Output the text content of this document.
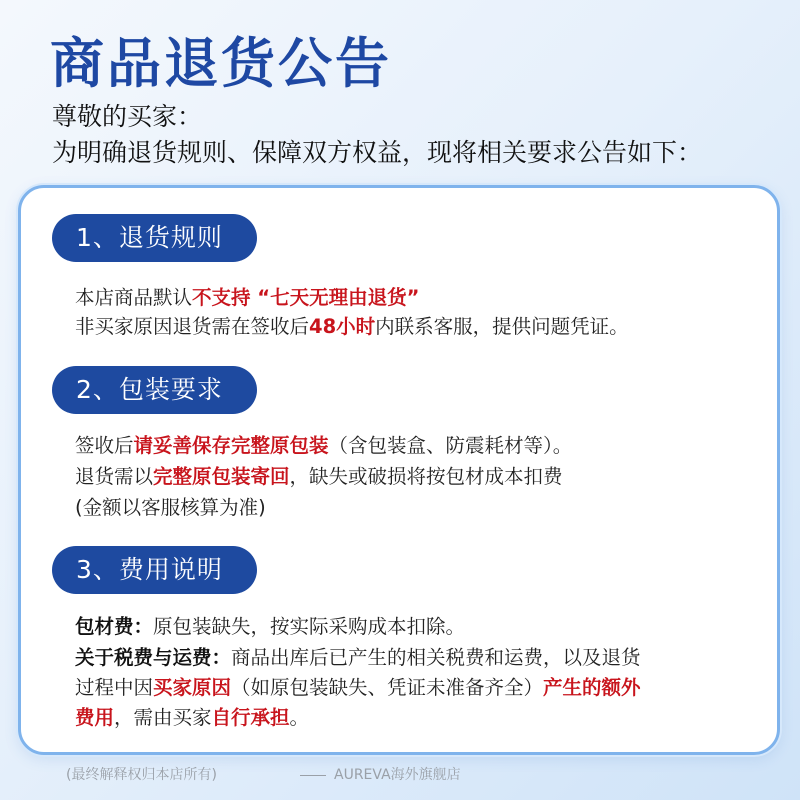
商品退货公告
尊敬的买家：
为明确退货规则、保障双方权益，现将相关要求公告如下：
1、退货规则
本店商品默认不支持 “七天无理由退货”
非买家原因退货需在签收后48小时内联系客服，提供问题凭证。
2、包装要求
签收后请妥善保存完整原包装（含包装盒、防震耗材等）。
退货需以完整原包装寄回，缺失或破损将按包材成本扣费
(金额以客服核算为准)
3、费用说明
包材费：原包装缺失，按实际采购成本扣除。
关于税费与运费：商品出库后已产生的相关税费和运费，以及退货
过程中因买家原因（如原包装缺失、凭证未准备齐全）产生的额外
费用，需由买家自行承担。
(最终解释权归本店所有)	AUREVA海外旗舰店
